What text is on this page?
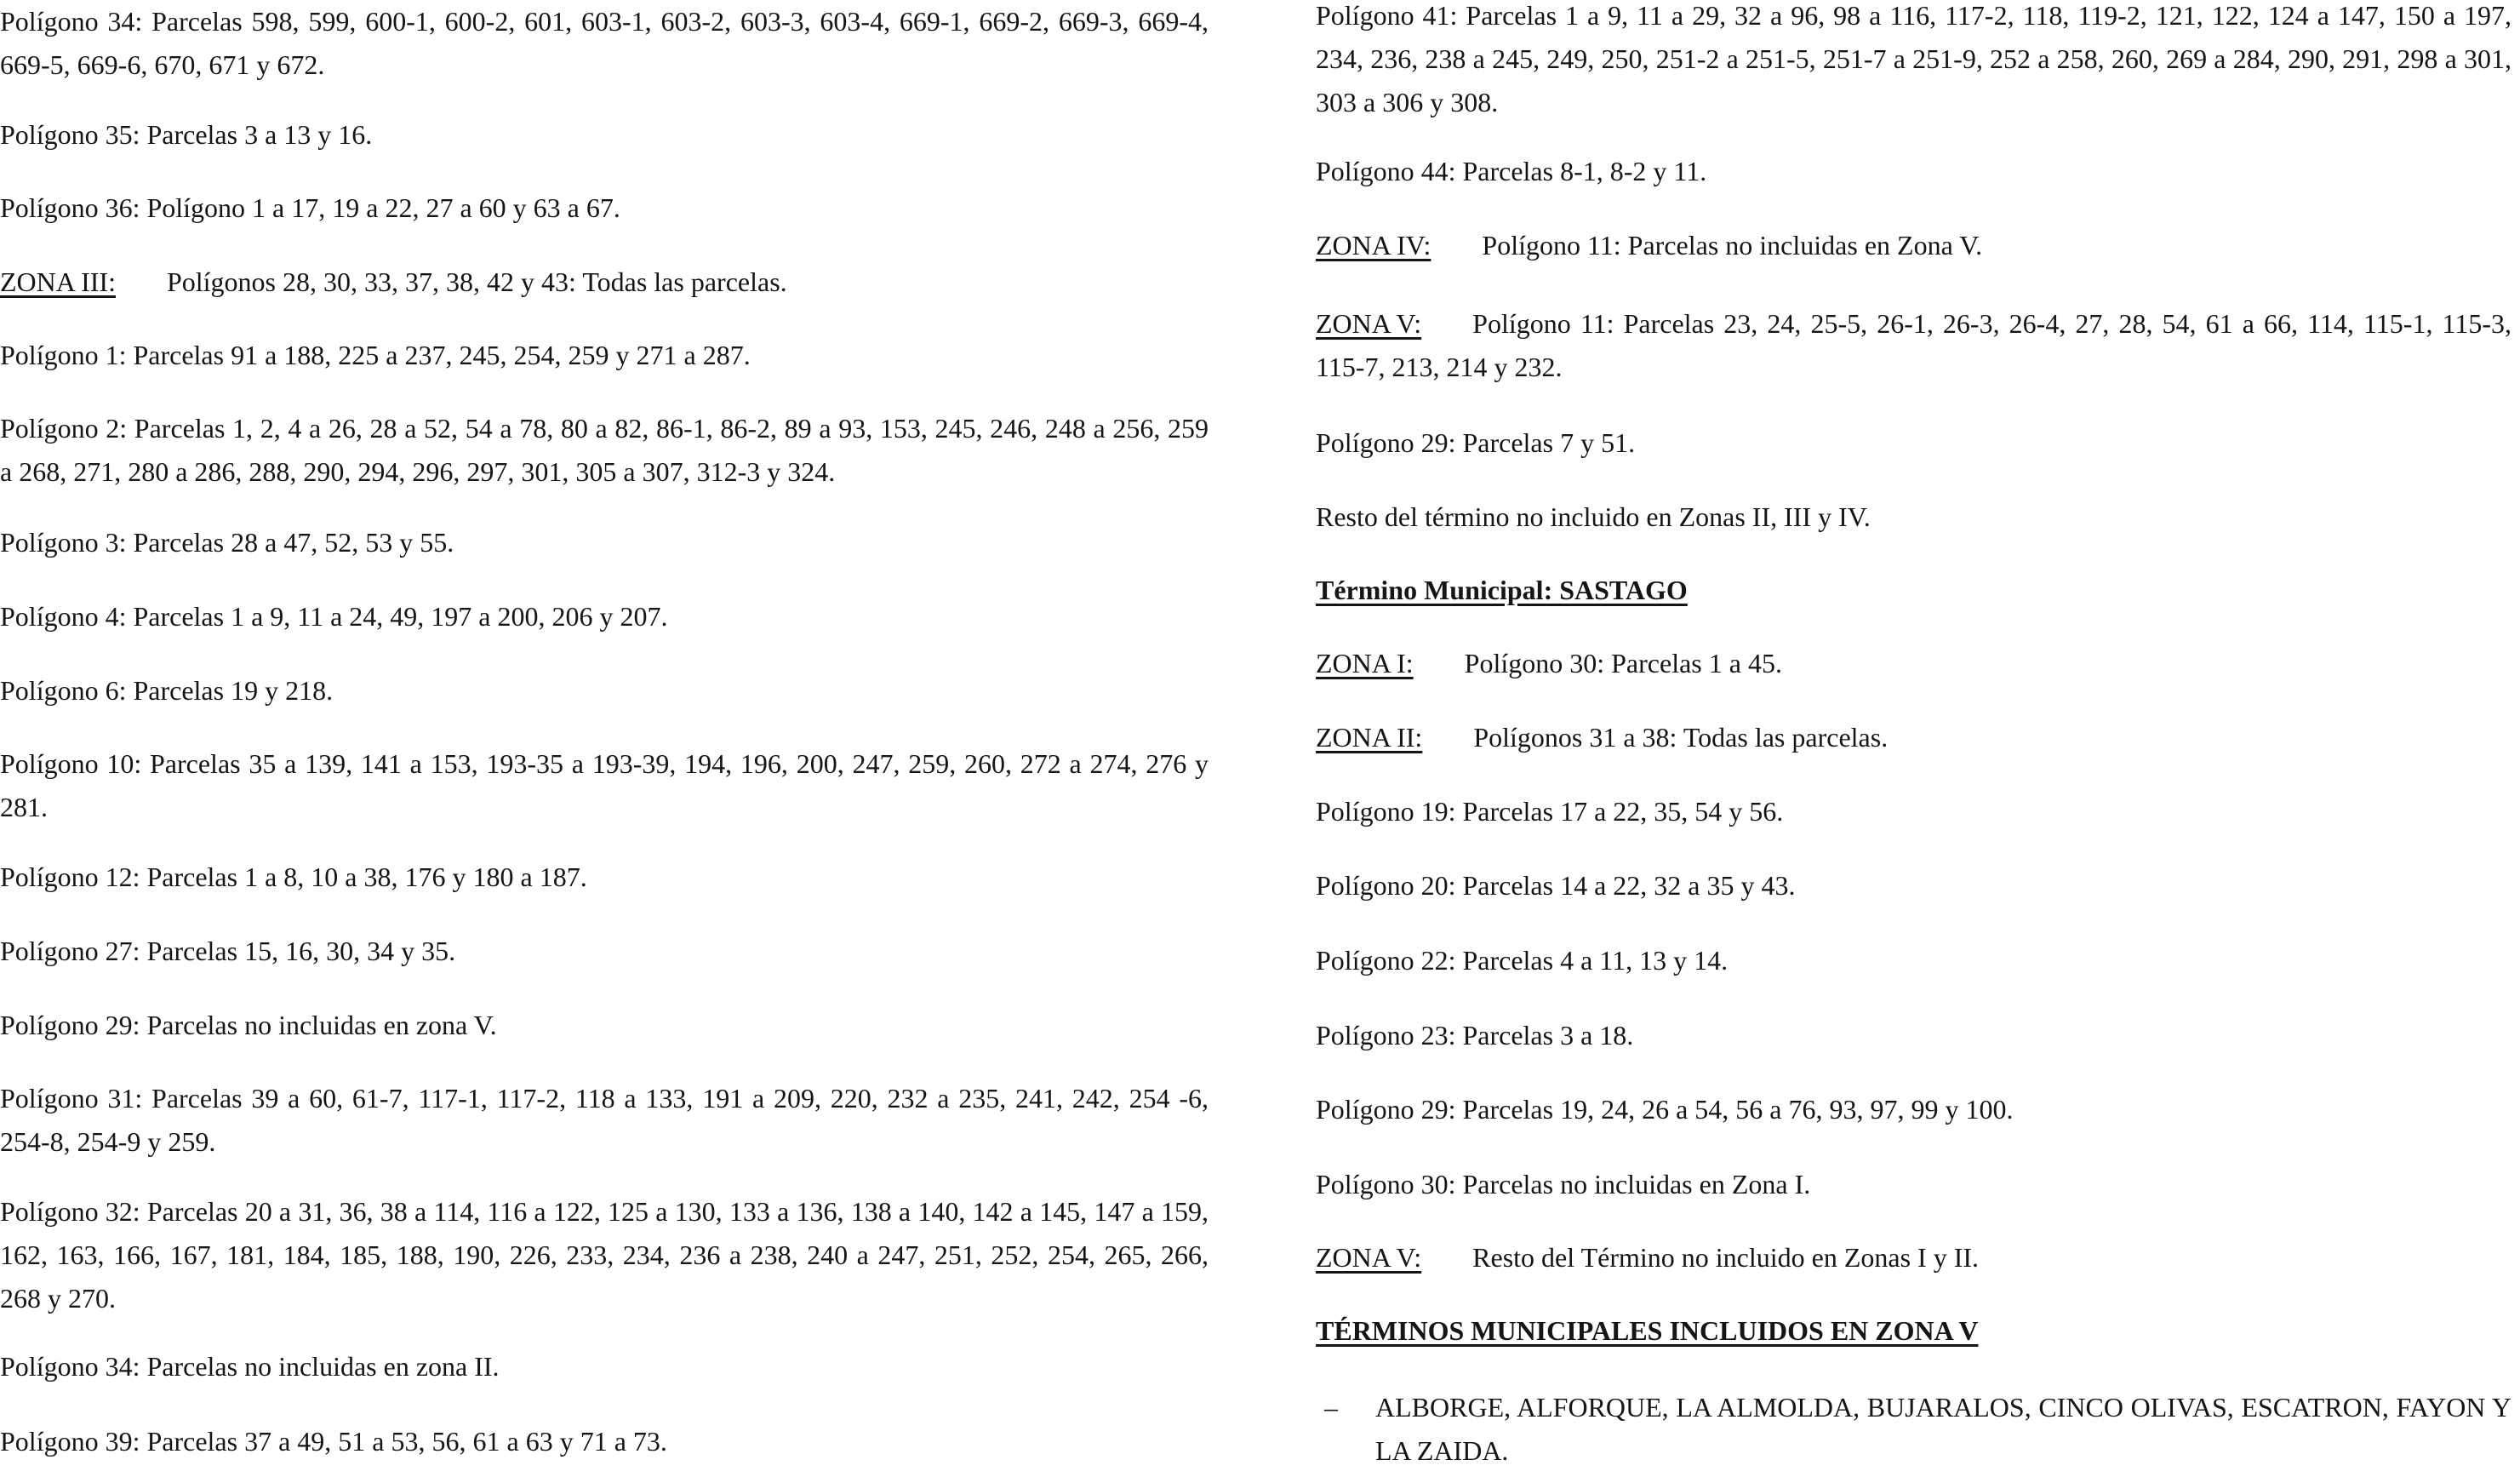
Polígono 34: Parcelas 598, 599, 600-1, 600-2, 601, 603-1, 603-2, 603-3, 603-4, 669-1, 669-2, 669-3, 669-4, 669-5, 669-6, 670, 671 y 672.

Polígono 35: Parcelas 3 a 13 y 16.

Polígono 36: Polígono 1 a 17, 19 a 22, 27 a 60 y 63 a 67.

ZONA III: Polígonos 28, 30, 33, 37, 38, 42 y 43: Todas las parcelas.

Polígono 1: Parcelas 91 a 188, 225 a 237, 245, 254, 259 y 271 a 287.

Polígono 2: Parcelas 1, 2, 4 a 26, 28 a 52, 54 a 78, 80 a 82, 86-1, 86-2, 89 a 93, 153, 245, 246, 248 a 256, 259 a 268, 271, 280 a 286, 288, 290, 294, 296, 297, 301, 305 a 307, 312-3 y 324.

Polígono 3: Parcelas 28 a 47, 52, 53 y 55.

Polígono 4: Parcelas 1 a 9, 11 a 24, 49, 197 a 200, 206 y 207.

Polígono 6: Parcelas 19 y 218.

Polígono 10: Parcelas 35 a 139, 141 a 153, 193-35 a 193-39, 194, 196, 200, 247, 259, 260, 272 a 274, 276 y 281.

Polígono 12: Parcelas 1 a 8, 10 a 38, 176 y 180 a 187.

Polígono 27: Parcelas 15, 16, 30, 34 y 35.

Polígono 29: Parcelas no incluidas en zona V.

Polígono 31: Parcelas 39 a 60, 61-7, 117-1, 117-2, 118 a 133, 191 a 209, 220, 232 a 235, 241, 242, 254 -6, 254-8, 254-9 y 259.

Polígono 32: Parcelas 20 a 31, 36, 38 a 114, 116 a 122, 125 a 130, 133 a 136, 138 a 140, 142 a 145, 147 a 159, 162, 163, 166, 167, 181, 184, 185, 188, 190, 226, 233, 234, 236 a 238, 240 a 247, 251, 252, 254, 265, 266, 268 y 270.

Polígono 34: Parcelas no incluidas en zona II.

Polígono 39: Parcelas 37 a 49, 51 a 53, 56, 61 a 63 y 71 a 73.

Polígono 41: Parcelas 1 a 9, 11 a 29, 32 a 96, 98 a 116, 117-2, 118, 119-2, 121, 122, 124 a 147, 150 a 197, 234, 236, 238 a 245, 249, 250, 251-2 a 251-5, 251-7 a 251-9, 252 a 258, 260, 269 a 284, 290, 291, 298 a 301, 303 a 306 y 308.

Polígono 44: Parcelas 8-1, 8-2 y 11.

ZONA IV: Polígono 11: Parcelas no incluidas en Zona V.

ZONA V: Polígono 11: Parcelas 23, 24, 25-5, 26-1, 26-3, 26-4, 27, 28, 54, 61 a 66, 114, 115-1, 115-3, 115-7, 213, 214 y 232.

Polígono 29: Parcelas 7 y 51.

Resto del término no incluido en Zonas II, III y IV.

Término Municipal: SASTAGO

ZONA I: Polígono 30: Parcelas 1 a 45.

ZONA II: Polígonos 31 a 38: Todas las parcelas.

Polígono 19: Parcelas 17 a 22, 35, 54 y 56.

Polígono 20: Parcelas 14 a 22, 32 a 35 y 43.

Polígono 22: Parcelas 4 a 11, 13 y 14.

Polígono 23: Parcelas 3 a 18.

Polígono 29: Parcelas 19, 24, 26 a 54, 56 a 76, 93, 97, 99 y 100.

Polígono 30: Parcelas no incluidas en Zona I.

ZONA V: Resto del Término no incluido en Zonas I y II.

TÉRMINOS MUNICIPALES INCLUIDOS EN ZONA V

–	ALBORGE, ALFORQUE, LA ALMOLDA, BUJARALOS, CINCO OLIVAS, ESCATRON, FAYON Y LA ZAIDA.
